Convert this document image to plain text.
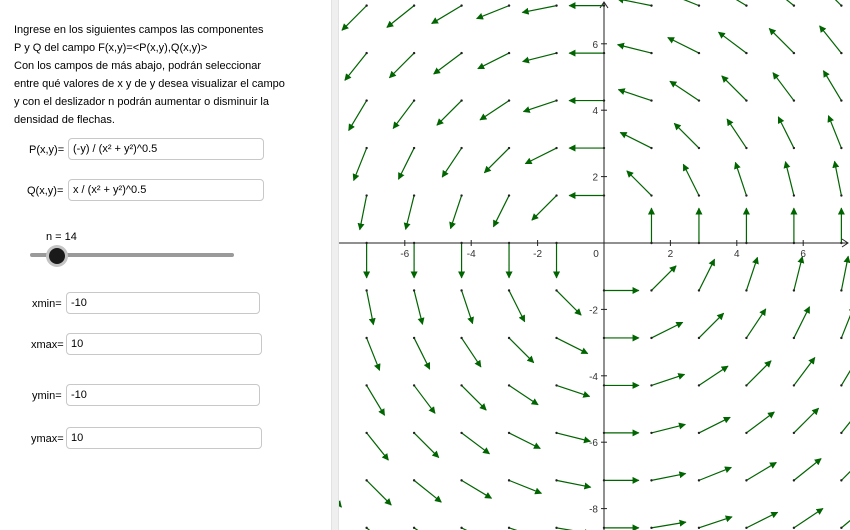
Ingrese en los siguientes campos las componentes
P y Q del campo F(x,y)=<P(x,y),Q(x,y)>
Con los campos de más abajo, podrán seleccionar
entre qué valores de x y de y desea visualizar el campo
y con el deslizador n podrán aumentar o disminuir la
densidad de flechas.
P(x,y)= (-y) / (x² + y²)^0.5
Q(x,y)= x / (x² + y²)^0.5
n = 14
xmin= -10
xmax= 10
ymin= -10
ymax= 10
-6	-4	-2	0	2	4	6
6
4
2
-2
-4
-6
-8
